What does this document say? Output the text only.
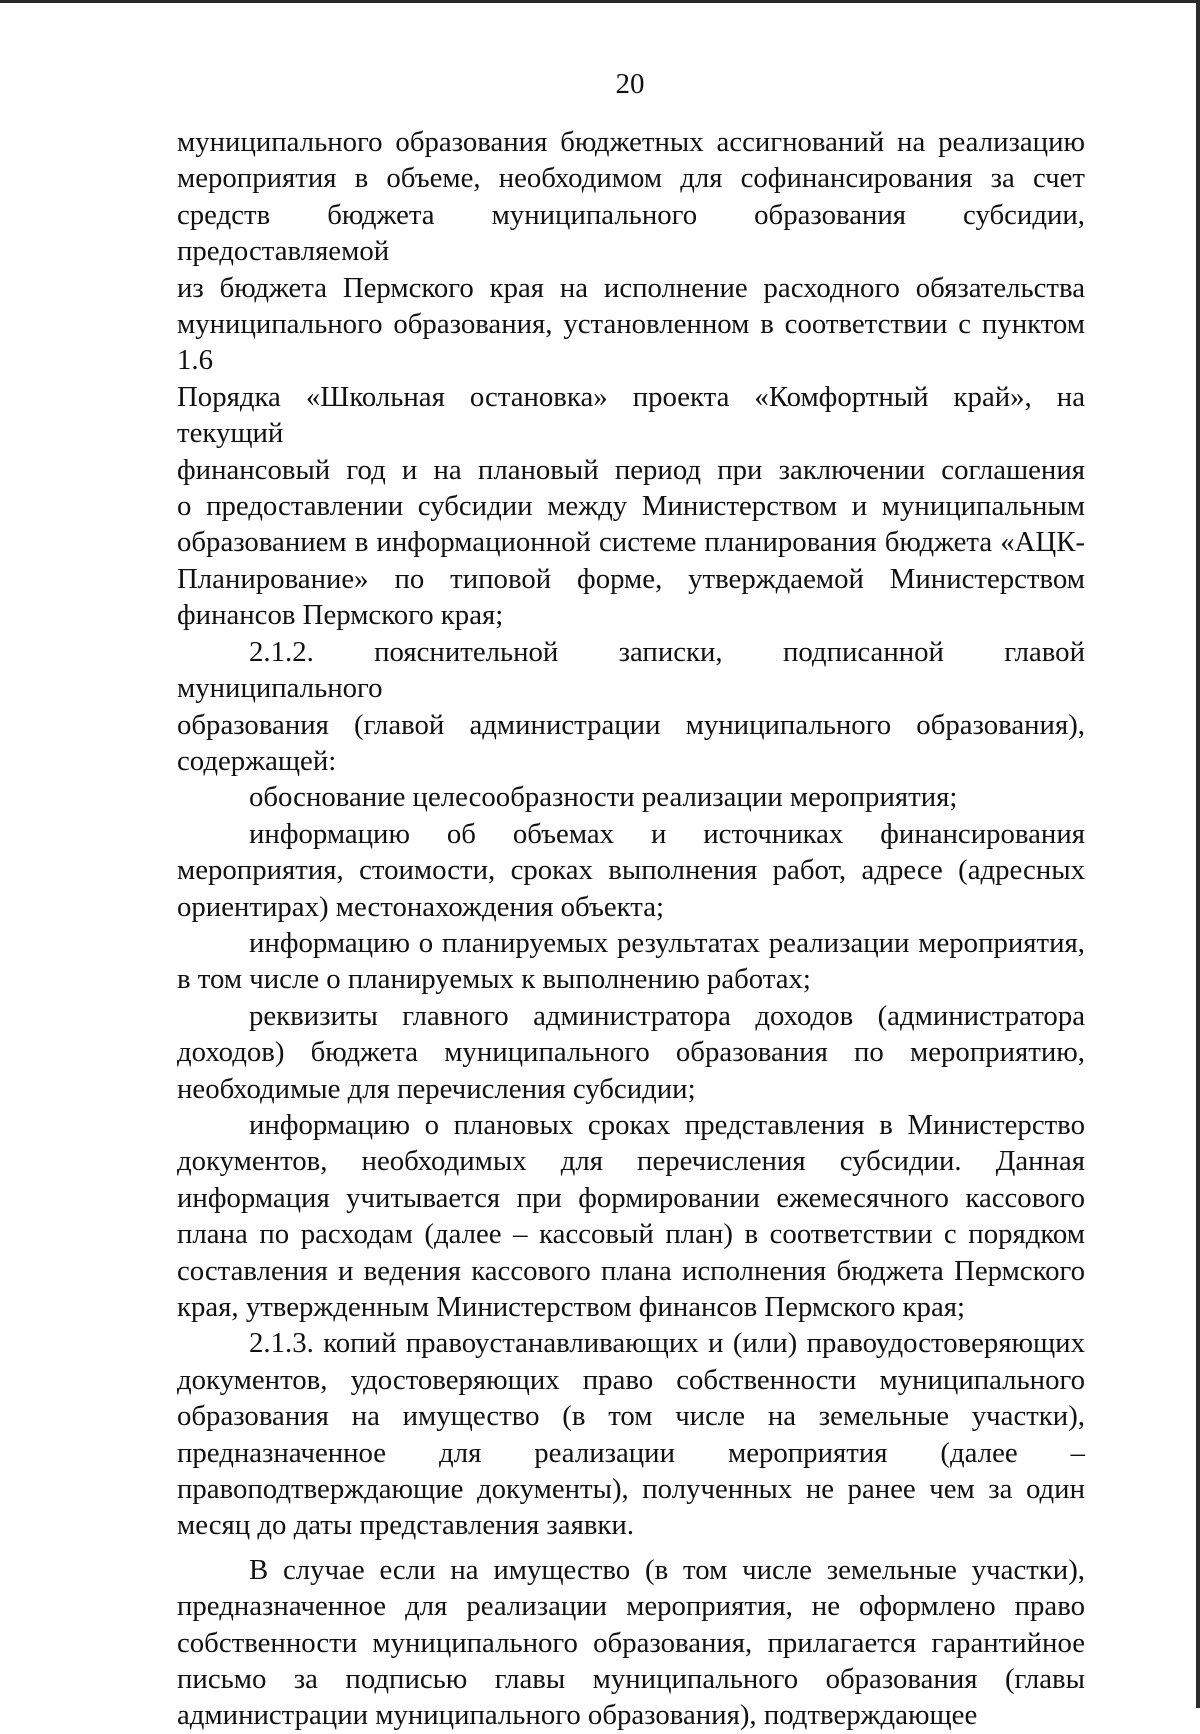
20

муниципального образования бюджетных ассигнований на реализацию

мероприятия в объеме, необходимом для софинансирования за счет

средств бюджета муниципального образования субсидии, предоставляемой

из бюджета Пермского края на исполнение расходного обязательства

муниципального образования, установленном в соответствии с пунктом 1.6

Порядка «Школьная остановка» проекта «Комфортный край», на текущий

финансовый год и на плановый период при заключении соглашения

о предоставлении субсидии между Министерством и муниципальным

образованием в информационной системе планирования бюджета «АЦК-

Планирование» по типовой форме, утверждаемой Министерством

финансов Пермского края;

2.1.2. пояснительной записки, подписанной главой муниципального

образования (главой администрации муниципального образования),

содержащей:

обоснование целесообразности реализации мероприятия;

информацию об объемах и источниках финансирования

мероприятия, стоимости, сроках выполнения работ, адресе (адресных

ориентирах) местонахождения объекта;

информацию о планируемых результатах реализации мероприятия,

в том числе о планируемых к выполнению работах;

реквизиты главного администратора доходов (администратора

доходов) бюджета муниципального образования по мероприятию,

необходимые для перечисления субсидии;

информацию о плановых сроках представления в Министерство

документов, необходимых для перечисления субсидии. Данная

информация учитывается при формировании ежемесячного кассового

плана по расходам (далее – кассовый план) в соответствии с порядком

составления и ведения кассового плана исполнения бюджета Пермского

края, утвержденным Министерством финансов Пермского края;

2.1.3. копий правоустанавливающих и (или) правоудостоверяющих

документов, удостоверяющих право собственности муниципального

образования на имущество (в том числе на земельные участки),

предназначенное для реализации мероприятия (далее –

правоподтверждающие документы), полученных не ранее чем за один

месяц до даты представления заявки.

В случае если на имущество (в том числе земельные участки),

предназначенное для реализации мероприятия, не оформлено право

собственности муниципального образования, прилагается гарантийное

письмо за подписью главы муниципального образования (главы

администрации муниципального образования), подтверждающее
